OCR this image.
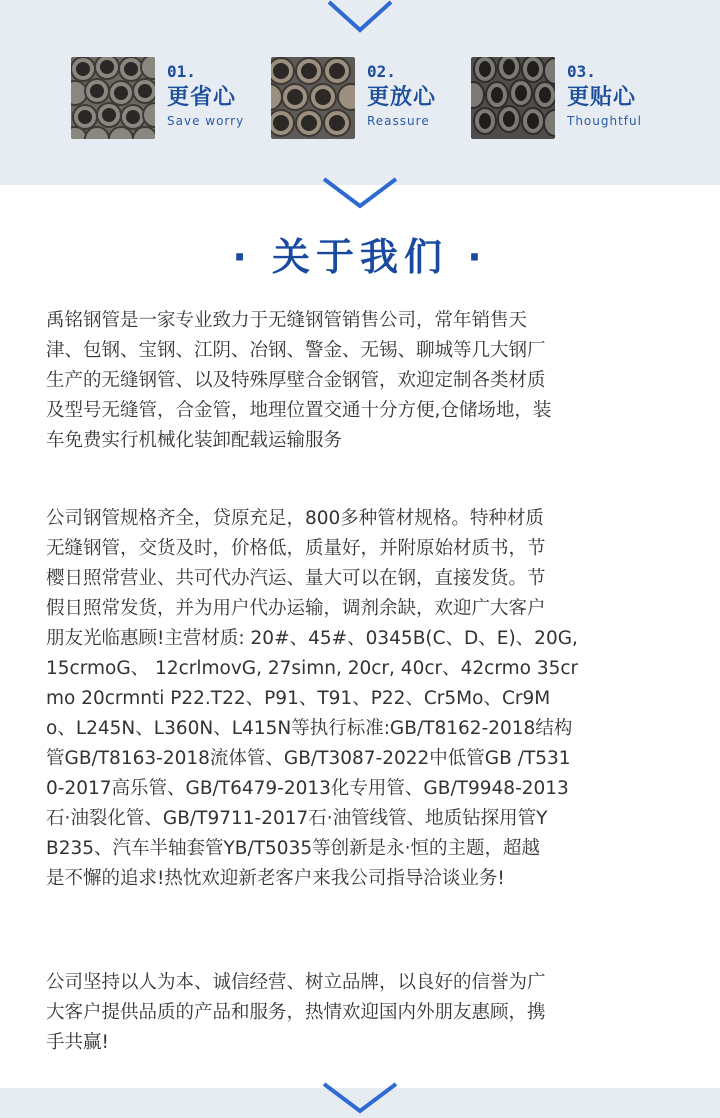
01.
更省心
Save worry
02.
更放心
Reassure
03.
更贴心
Thoughtful
· 关于我们 ·
禹铭钢管是一家专业致力于无缝钢管销售公司，常年销售天
津、包钢、宝钢、江阴、冶钢、警金、无锡、聊城等几大钢厂
生产的无缝钢管、以及特殊厚壁合金钢管，欢迎定制各类材质
及型号无缝管，合金管，地理位置交通十分方便,仓储场地，装
车免费实行机械化装卸配载运输服务
公司钢管规格齐全，贷原充足，800多种管材规格。特种材质
无缝钢管，交货及时，价格低，质量好，并附原始材质书，节
樱日照常营业、共可代办汽运、量大可以在钢，直接发货。节
假日照常发货，并为用户代办运输，调剂余缺，欢迎广大客户
朋友光临惠顾!主营材质: 20#、45#、0345B(C、D、E)、20G,
15crmoG、 12crlmovG, 27simn, 20cr, 40cr、42crmo 35cr
mo 20crmnti P22.T22、P91、T91、P22、Cr5Mo、Cr9M
o、L245N、L360N、L415N等执行标准:GB/T8162-2018结构
管GB/T8163-2018流体管、GB/T3087-2022中低管GB /T531
0-2017高乐管、GB/T6479-2013化专用管、GB/T9948-2013
石·油裂化管、GB/T9711-2017石·油管线管、地质钻探用管Y
B235、汽车半轴套管YB/T5035等创新是永·恒的主题，超越
是不懈的追求!热忱欢迎新老客户来我公司指导洽谈业务!
公司坚持以人为本、诚信经营、树立品牌，以良好的信誉为广
大客户提供品质的产品和服务，热情欢迎国内外朋友惠顾，携
手共赢!
